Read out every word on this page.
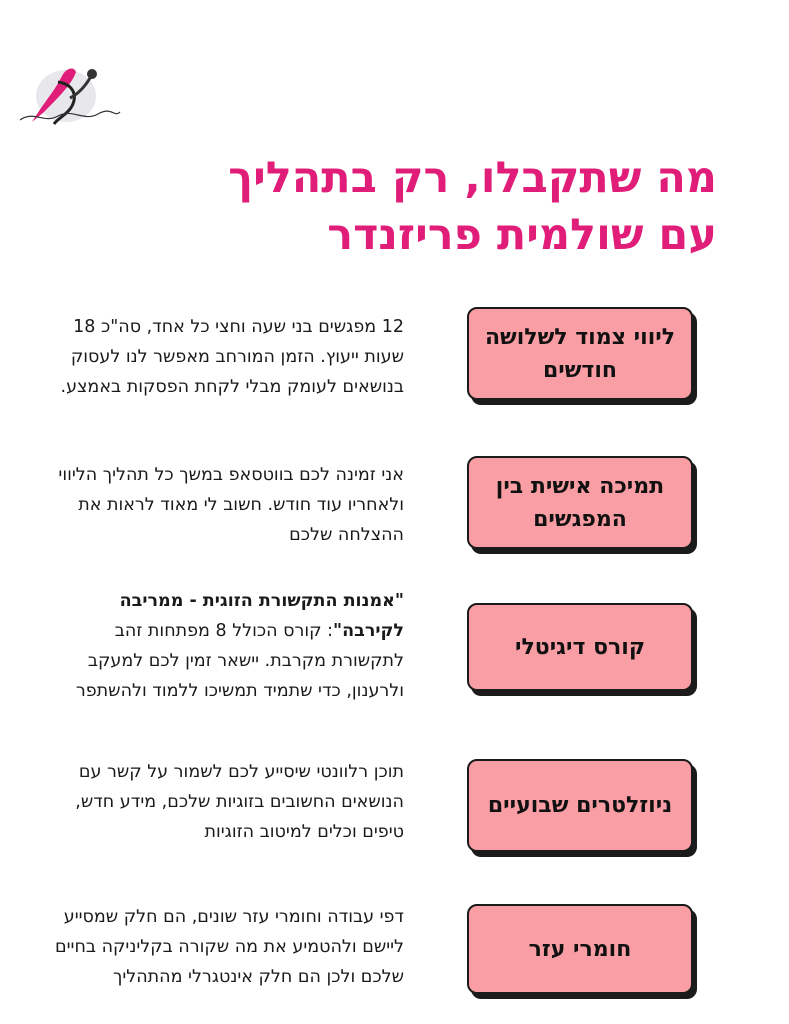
מה שתקבלו, רק בתהליך
עם שולמית פריזנדר
ליווי צמוד לשלושה חודשים
12 מפגשים בני שעה וחצי כל אחד, סה"כ 18
שעות ייעוץ. הזמן המורחב מאפשר לנו לעסוק
בנושאים לעומק מבלי לקחת הפסקות באמצע.
תמיכה אישית בין המפגשים
אני זמינה לכם בווטסאפ במשך כל תהליך הליווי
ולאחריו עוד חודש. חשוב לי מאוד לראות את
ההצלחה שלכם
קורס דיגיטלי
"אמנות התקשורת הזוגית - ממריבה
לקירבה": קורס הכולל 8 מפתחות זהב
לתקשורת מקרבת. יישאר זמין לכם למעקב
ולרענון, כדי שתמיד תמשיכו ללמוד ולהשתפר
ניוזלטרים שבועיים
תוכן רלוונטי שיסייע לכם לשמור על קשר עם
הנושאים החשובים בזוגיות שלכם, מידע חדש,
טיפים וכלים למיטוב הזוגיות
חומרי עזר
דפי עבודה וחומרי עזר שונים, הם חלק שמסייע
ליישם ולהטמיע את מה שקורה בקליניקה בחיים
שלכם ולכן הם חלק אינטגרלי מהתהליך
